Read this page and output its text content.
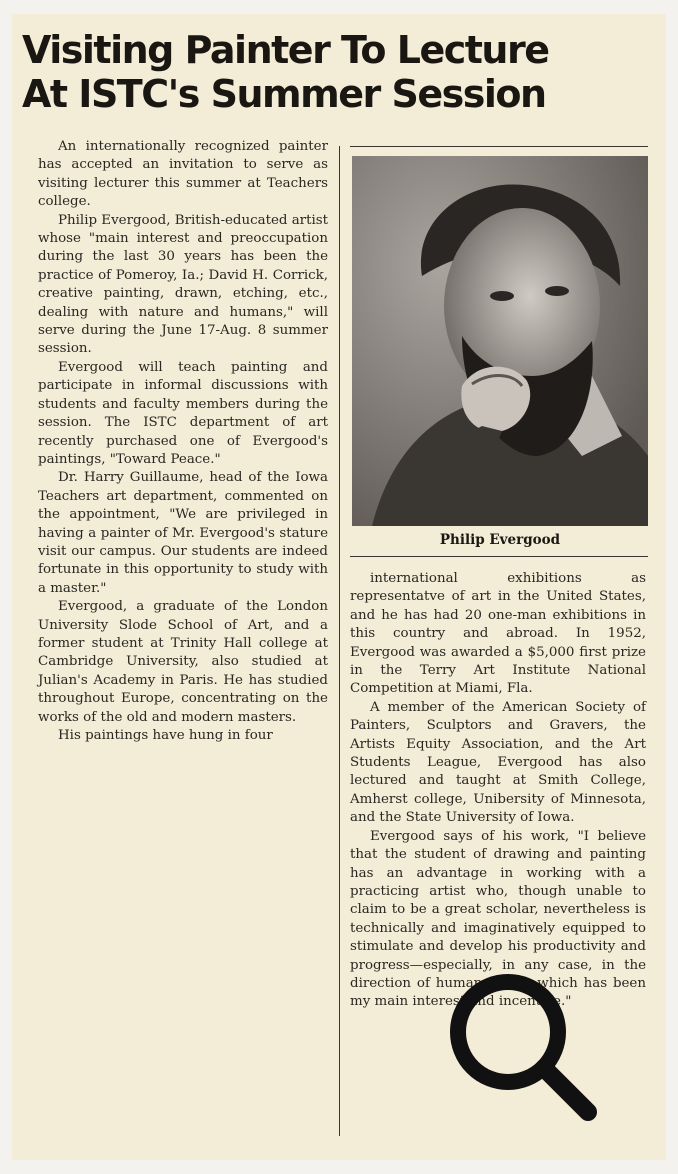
Visiting Painter To Lecture
At ISTC's Summer Session

An internationally recognized painter has accepted an invitation to serve as visiting lecturer this summer at Teachers college.

Philip Evergood, British-educated artist whose "main interest and preoccupation during the last 30 years has been the practice of Pomeroy, Ia.; David H. Corrick, creative painting, drawn, etching, etc., dealing with nature and humans," will serve during the June 17-Aug. 8 summer session.

Evergood will teach painting and participate in informal discussions with students and faculty members during the session. The ISTC department of art recently purchased one of Evergood's paintings, "Toward Peace."

Dr. Harry Guillaume, head of the Iowa Teachers art department, commented on the appointment, "We are privileged in having a painter of Mr. Evergood's stature visit our campus. Our students are indeed fortunate in this opportunity to study with a master."

Evergood, a graduate of the London University Slode School of Art, and a former student at Trinity Hall college at Cambridge University, also studied at Julian's Academy in Paris. He has studied throughout Europe, concentrating on the works of the old and modern masters.

His paintings have hung in four

Philip Evergood

international exhibitions as representatve of art in the United States, and he has had 20 one-man exhibitions in this country and abroad. In 1952, Evergood was awarded a $5,000 first prize in the Terry Art Institute National Competition at Miami, Fla.

A member of the American Society of Painters, Sculptors and Gravers, the Artists Equity Association, and the Art Students League, Evergood has also lectured and taught at Smith College, Amherst college, Unibersity of Minnesota, and the State University of Iowa.

Evergood says of his work, "I believe that the student of drawing and painting has an advantage in working with a practicing artist who, though unable to claim to be a great scholar, nevertheless is technically and imaginatively equipped to stimulate and develop his productivity and progress—especially, in any case, in the direction of human values which has been my main interest and incentive."
